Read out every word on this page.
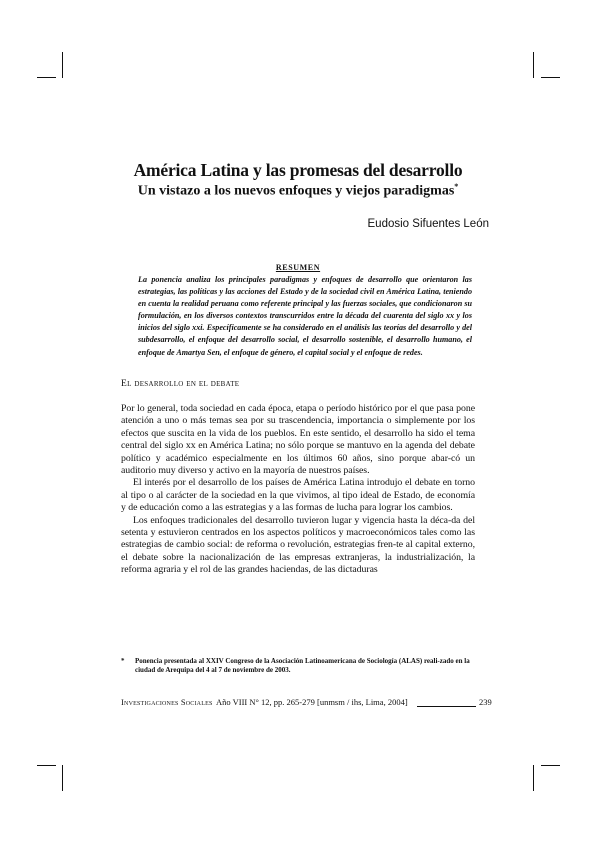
América Latina y las promesas del desarrollo
Un vistazo a los nuevos enfoques y viejos paradigmas*
Eudosio Sifuentes León
RESUMEN

La ponencia analiza los principales paradigmas y enfoques de desarrollo que orientaron las estrategias, las políticas y las acciones del Estado y de la sociedad civil en América Latina, teniendo en cuenta la realidad peruana como referente principal y las fuerzas sociales, que condicionaron su formulación, en los diversos contextos transcurridos entre la década del cuarenta del siglo xx y los inicios del siglo xxi. Específicamente se ha considerado en el análisis las teorías del desarrollo y del subdesarrollo, el enfoque del desarrollo social, el desarrollo sostenible, el desarrollo humano, el enfoque de Amartya Sen, el enfoque de género, el capital social y el enfoque de redes.

El desarrollo en el debate

Por lo general, toda sociedad en cada época, etapa o período histórico por el que pasa pone atención a uno o más temas sea por su trascendencia, importancia o simplemente por los efectos que suscita en la vida de los pueblos. En este sentido, el desarrollo ha sido el tema central del siglo xx en América Latina; no sólo porque se mantuvo en la agenda del debate político y académico especialmente en los últimos 60 años, sino porque abar-có un auditorio muy diverso y activo en la mayoría de nuestros países.

El interés por el desarrollo de los países de América Latina introdujo el debate en torno al tipo o al carácter de la sociedad en la que vivimos, al tipo ideal de Estado, de economía y de educación como a las estrategias y a las formas de lucha para lograr los cambios.

Los enfoques tradicionales del desarrollo tuvieron lugar y vigencia hasta la déca-da del setenta y estuvieron centrados en los aspectos políticos y macroeconómicos tales como las estrategias de cambio social: de reforma o revolución, estrategias fren-te al capital externo, el debate sobre la nacionalización de las empresas extranjeras, la industrialización, la reforma agraria y el rol de las grandes haciendas, de las dictaduras

* Ponencia presentada al XXIV Congreso de la Asociación Latinoamericana de Sociología (ALAS) reali-zado en la ciudad de Arequipa del 4 al 7 de noviembre de 2003.
Investigaciones Sociales Año VIII N° 12, pp. 265-279 [unmsm / ihs, Lima, 2004]	239
